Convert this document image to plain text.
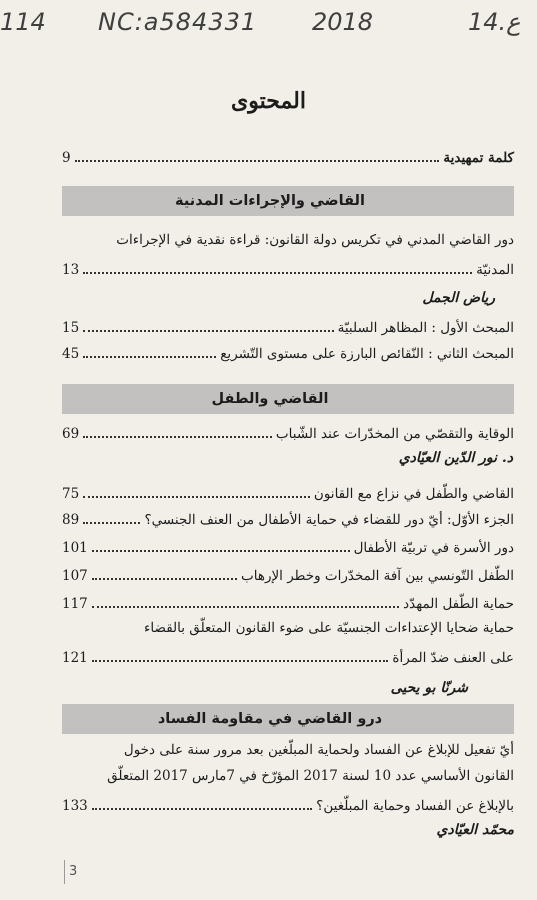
114 NC:a584331 2018	14.ع
المحتوى
كلمة تمهيدية
9
القاضي والإجراءات المدنية
دور القاضي المدني في تكريس دولة القانون: قراءة نقدية في الإجراءات
المدنيّة
13
رياض الجمل
المبحث الأول : المظاهر السلبيّة
15
المبحث الثاني : النّقائص البارزة على مستوى التّشريع
45
القاضي والطفل
الوقاية والتقصّي من المخدّرات عند الشّباب
69
د. نور الدّين العيّادي
القاضي والطّفل في نزاع مع القانون
75
الجزء الأوّل: أيّ دور للقضاء في حماية الأطفال من العنف الجنسي؟
89
دور الأسرة في تربيّة الأطفال
101
الطّفل التّونسي بين آفة المخدّرات وخطر الإرهاب
107
حماية الطّفل المهدّد
117
حماية ضحايا الإعتداءات الجنسيّة على ضوء القانون المتعلّق بالقضاء
على العنف ضدّ المرأة
121
شرنّا بو يحيى
درو القاضي في مقاومة الفساد
أيّ تفعيل للإبلاغ عن الفساد ولحماية المبلّغين بعد مرور سنة على دخول
القانون الأساسي عدد 10 لسنة 2017 المؤرّخ في 7مارس 2017 المتعلّق
بالإبلاغ عن الفساد وحماية المبلّغين؟
133
محمّد العيّادي
3
